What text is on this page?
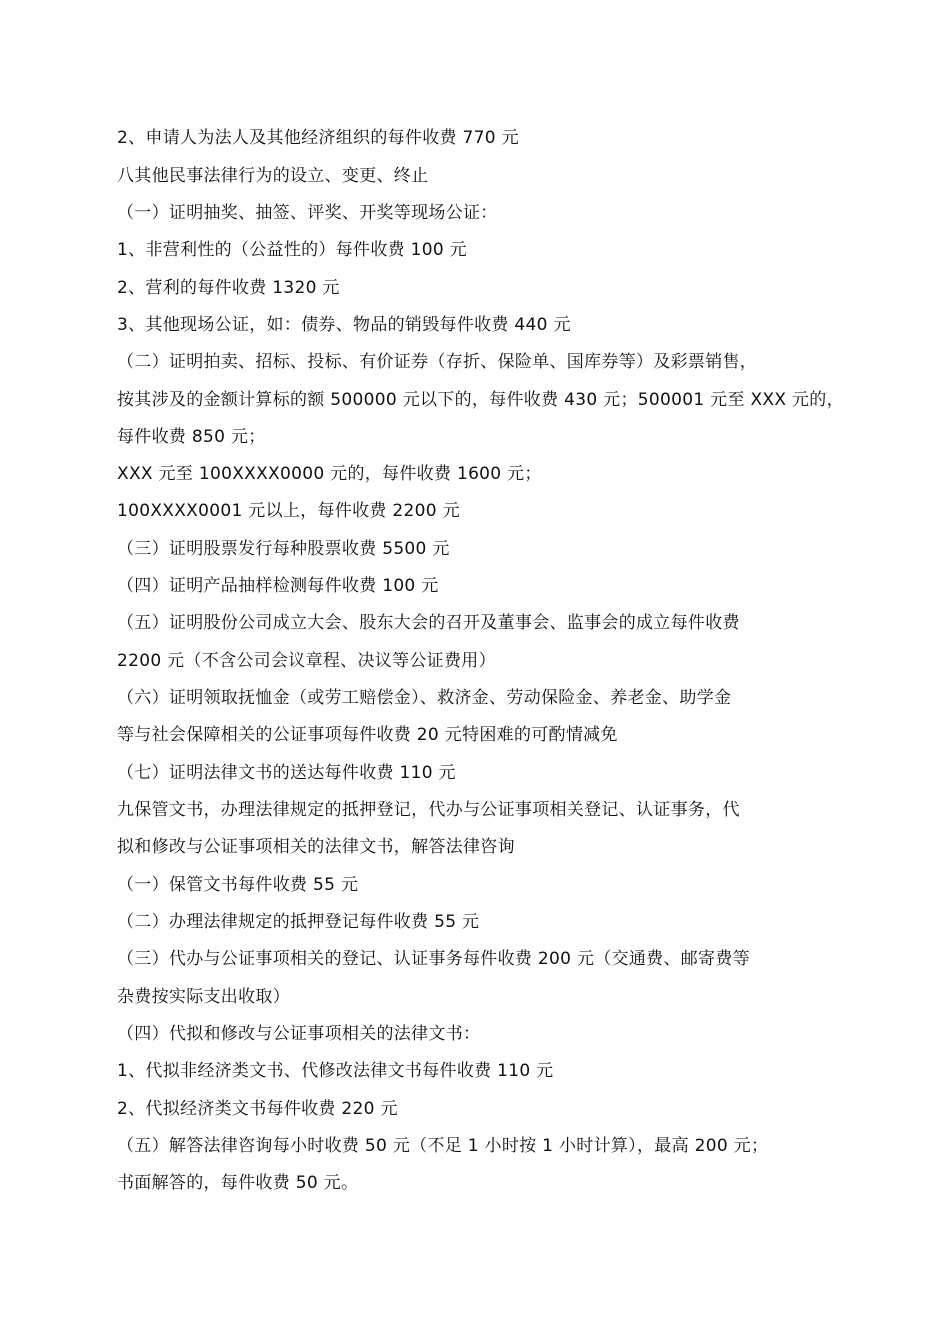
2、申请人为法人及其他经济组织的每件收费 770 元
八其他民事法律行为的设立、变更、终止
（一）证明抽奖、抽签、评奖、开奖等现场公证：
1、非营利性的（公益性的）每件收费 100 元
2、营利的每件收费 1320 元
3、其他现场公证，如：债券、物品的销毁每件收费 440 元
（二）证明拍卖、招标、投标、有价证券（存折、保险单、国库券等）及彩票销售，
按其涉及的金额计算标的额 500000 元以下的，每件收费 430 元；500001 元至 XXX 元的，
每件收费 850 元；
XXX 元至 100XXXX0000 元的，每件收费 1600 元；
100XXXX0001 元以上，每件收费 2200 元
（三）证明股票发行每种股票收费 5500 元
（四）证明产品抽样检测每件收费 100 元
（五）证明股份公司成立大会、股东大会的召开及董事会、监事会的成立每件收费
2200 元（不含公司会议章程、决议等公证费用）
（六）证明领取抚恤金（或劳工赔偿金）、救济金、劳动保险金、养老金、助学金
等与社会保障相关的公证事项每件收费 20 元特困难的可酌情减免
（七）证明法律文书的送达每件收费 110 元
九保管文书，办理法律规定的抵押登记，代办与公证事项相关登记、认证事务，代
拟和修改与公证事项相关的法律文书，解答法律咨询
（一）保管文书每件收费 55 元
（二）办理法律规定的抵押登记每件收费 55 元
（三）代办与公证事项相关的登记、认证事务每件收费 200 元（交通费、邮寄费等
杂费按实际支出收取）
（四）代拟和修改与公证事项相关的法律文书：
1、代拟非经济类文书、代修改法律文书每件收费 110 元
2、代拟经济类文书每件收费 220 元
（五）解答法律咨询每小时收费 50 元（不足 1 小时按 1 小时计算），最高 200 元；
书面解答的，每件收费 50 元。
